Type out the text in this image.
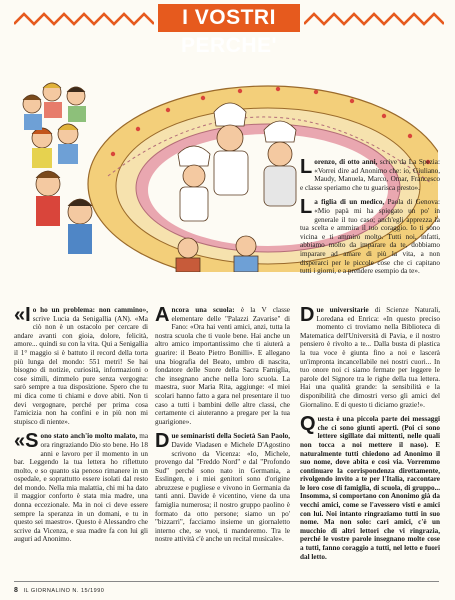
I VOSTRI PERCHE'

«Io ho un problema: non cammino», scrive Lucia da Senigallia (AN). «Ma ciò non è un ostacolo per cercare di andare avanti con gioia, dolore, felicità, amore... quindi su con la vita. Qui a Senigallia il 1° maggio si è battuto il record della torta più lunga del mondo: 551 metri! Se hai bisogno di notizie, curiosità, informazioni o cose simili, dimmelo pure senza vergogna: sarò sempre a tua disposizione. Spero che tu mi dica come ti chiami e dove abiti. Non ti devi vergognare, perché per prima cosa l'amicizia non ha confini e in più non mi stupisco di niente».

«Sono stato anch'io molto malato, ma ora ringraziando Dio sto bene. Ho 18 anni e lavoro per il momento in un bar. Leggendo la tua lettera ho riflettuto molto, e so quanto sia penoso rimanere in un ospedale, e soprattutto essere isolati dal resto del mondo. Nella mia malattia, chi mi ha dato il maggior conforto è stata mia madre, una donna eccezionale. Ma in noi ci deve essere sempre la speranza in un domani, e tu in questo sei maestro». Questo è Alessandro che scrive da Vicenza, e sua madre fa con lui gli auguri ad Anonimo.

Ancora una scuola: è la V classe elementare delle "Palazzi Zavarise" di Fano: «Ora hai venti amici, anzi, tutta la nostra scuola che ti vuole bene. Hai anche un altro amico importantissimo che ti aiuterà a guarire: il Beato Pietro Bonilli». E allegano una biografia del Beato, umbro di nascita, fondatore delle Suore della Sacra Famiglia, che insegnano anche nella loro scuola. La maestra, suor Maria Rita, aggiunge: «I miei scolari hanno fatto a gara nel presentare il tuo caso a tutti i bambini delle altre classi, che certamente ci aiuteranno a pregare per la tua guarigione».

Due seminaristi della Società San Paolo, Davide Viadasen e Michele D'Agostino scrivono da Vicenza: «Io, Michele, provengo dal "Freddo Nord" e dal "Profondo Sud" perché sono nato in Germania, a Esslingen, e i miei genitori sono d'origine abruzzese e pugliese e vivono in Germania da tanti anni. Davide è vicentino, viene da una famiglia numerosa; il nostro gruppo paolino è formato da otto persone; siamo un po' "bizzarri", facciamo insieme un giornaletto interno che, se vuoi, ti manderemo. Tra le nostre attività c'è anche un recital musicale».

Lorenzo, di otto anni, scrive da La Spezia: «Vorrei dire ad Anonimo che: io, Giuliano, Maudy, Manuela, Marco, Omar, Francesco e classe speriamo che tu guarisca presto».

La figlia di un medico, Paola di Genova: «Mio papà mi ha spiegato un po' in generale il tuo caso; anch'egli apprezza la tua scelta e ammira il tuo coraggio. Io ti sono vicina e ti ammiro molto. Tutti noi, infatti, abbiamo molto da imparare da te, dobbiamo imparare ad amare di più la vita, a non disperarci per le piccole cose che ci capitano tutti i giorni, e a prendere esempio da te».

Due universitarie di Scienze Naturali, Loredana ed Enrica: «In questo preciso momento ci troviamo nella Biblioteca di Matematica dell'Università di Pavia, e il nostro pensiero è rivolto a te... Dalla busta di plastica la tua voce è giunta fino a noi e lascerà un'impronta incancellabile nei nostri cuori... In tuo onore noi ci siamo fermate per leggere le parole del Signore tra le righe della tua lettera. Hai una qualità grande: la sensibilità e la disponibilità che dimostri verso gli amici del Giornalino. E di questo ti diciamo grazie!».

Questa è una piccola parte dei messaggi che ci sono giunti aperti. (Poi ci sono lettere sigillate dai mittenti, nelle quali non tocca a noi mettere il naso). E naturalmente tutti chiedono ad Anonimo il suo nome, dove abita e così via. Vorremmo continuare la corrispondenza direttamente, rivolgendo invito a te per l'Italia, raccontare le loro cose di famiglia, di scuola, di gruppo... Insomma, si comportano con Anonimo già da vecchi amici, come se l'avessero visti e amici con lui. Noi intanto ringraziamo tutti in suo nome. Ma non solo: cari amici, c'è un mucchio di altri lettori che vi ringrazia, perché le vostre parole insegnano molte cose a tutti, fanno coraggio a tutti, nel letto e fuori dal letto.

8 IL GIORNALINO N. 15/1990
